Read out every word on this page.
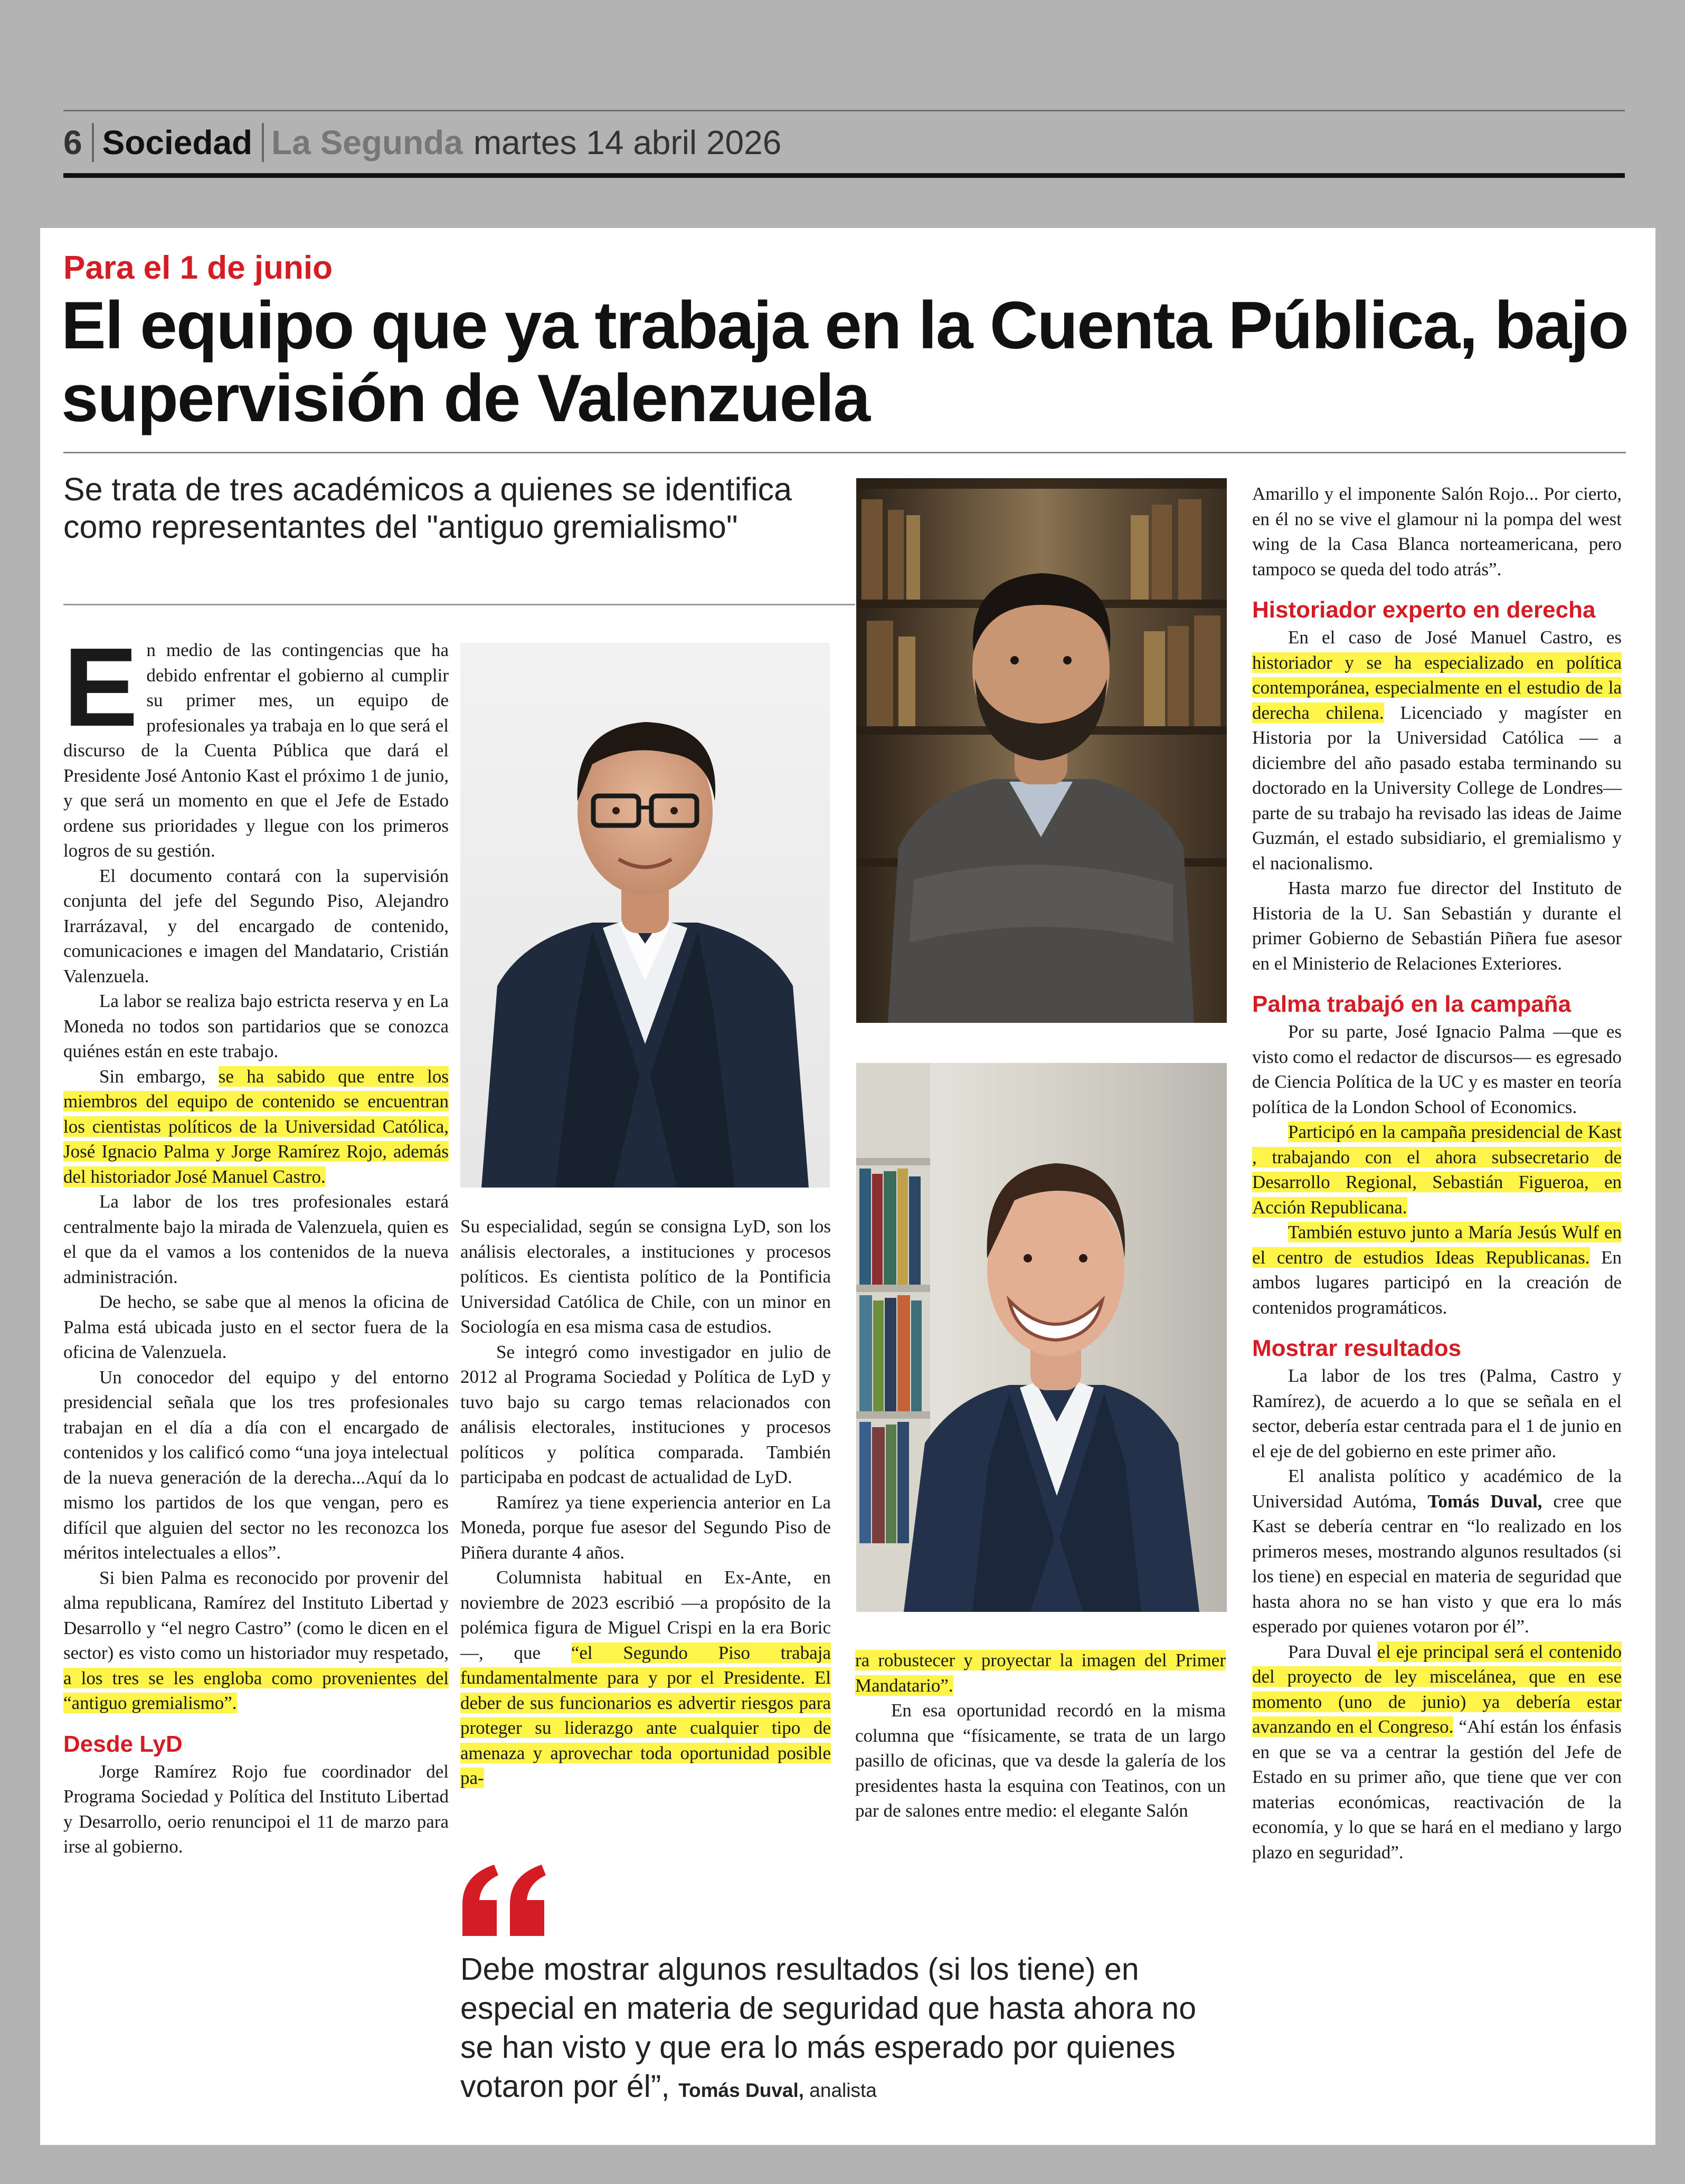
6 Sociedad La Segunda martes 14 abril 2026
Para el 1 de junio
El equipo que ya trabaja en la Cuenta Pública, bajo supervisión de Valenzuela
Se trata de tres académicos a quienes se identifica como representantes del "antiguo gremialismo"

En medio de las contingencias que ha debido enfrentar el gobierno al cumplir su primer mes, un equipo de profesionales ya trabaja en lo que será el discurso de la Cuenta Pública que dará el Presidente José Antonio Kast el próximo 1 de junio, y que será un momento en que el Jefe de Estado ordene sus prioridades y llegue con los primeros logros de su gestión.

El documento contará con la supervisión conjunta del jefe del Segundo Piso, Alejandro Irarrázaval, y del encargado de contenido, comunicaciones e imagen del Mandatario, Cristián Valenzuela.

La labor se realiza bajo estricta reserva y en La Moneda no todos son partidarios que se conozca quiénes están en este trabajo.

Sin embargo, se ha sabido que entre los miembros del equipo de contenido se encuentran los cientistas políticos de la Universidad Católica, José Ignacio Palma y Jorge Ramírez Rojo, además del historiador José Manuel Castro.

La labor de los tres profesionales estará centralmente bajo la mirada de Valenzuela, quien es el que da el vamos a los contenidos de la nueva administración.

De hecho, se sabe que al menos la oficina de Palma está ubicada justo en el sector fuera de la oficina de Valenzuela.

Un conocedor del equipo y del entorno presidencial señala que los tres profesionales trabajan en el día a día con el encargado de contenidos y los calificó como “una joya intelectual de la nueva generación de la derecha...Aquí da lo mismo los partidos de los que vengan, pero es difícil que alguien del sector no les reconozca los méritos intelectuales a ellos”.

Si bien Palma es reconocido por provenir del alma republicana, Ramírez del Instituto Libertad y Desarrollo y “el negro Castro” (como le dicen en el sector) es visto como un historiador muy respetado, a los tres se les engloba como provenientes del “antiguo gremialismo”.

Desde LyD

Jorge Ramírez Rojo fue coordinador del Programa Sociedad y Política del Instituto Libertad y Desarrollo, oerio renuncipoi el 11 de marzo para irse al gobierno.

Su especialidad, según se consigna LyD, son los análisis electorales, a instituciones y procesos políticos. Es cientista político de la Pontificia Universidad Católica de Chile, con un minor en Sociología en esa misma casa de estudios.

Se integró como investigador en julio de 2012 al Programa Sociedad y Política de LyD y tuvo bajo su cargo temas relacionados con análisis electorales, instituciones y procesos políticos y política comparada. También participaba en podcast de actualidad de LyD.

Ramírez ya tiene experiencia anterior en La Moneda, porque fue asesor del Segundo Piso de Piñera durante 4 años.

Columnista habitual en Ex-Ante, en noviembre de 2023 escribió —a propósito de la polémica figura de Miguel Crispi en la era Boric—, que “el Segundo Piso trabaja fundamentalmente para y por el Presidente. El deber de sus funcionarios es advertir riesgos para proteger su liderazgo ante cualquier tipo de amenaza y aprovechar toda oportunidad posible pa-

ra robustecer y proyectar la imagen del Primer Mandatario”.

En esa oportunidad recordó en la misma columna que “físicamente, se trata de un largo pasillo de oficinas, que va desde la galería de los presidentes hasta la esquina con Teatinos, con un par de salones entre medio: el elegante Salón

Debe mostrar algunos resultados (si los tiene) en especial en materia de seguridad que hasta ahora no se han visto y que era lo más esperado por quienes votaron por él”, Tomás Duval, analista

Amarillo y el imponente Salón Rojo... Por cierto, en él no se vive el glamour ni la pompa del west wing de la Casa Blanca norteamericana, pero tampoco se queda del todo atrás”.

Historiador experto en derecha

En el caso de José Manuel Castro, es historiador y se ha especializado en política contemporánea, especialmente en el estudio de la derecha chilena. Licenciado y magíster en Historia por la Universidad Católica — a diciembre del año pasado estaba terminando su doctorado en la University College de Londres— parte de su trabajo ha revisado las ideas de Jaime Guzmán, el estado subsidiario, el gremialismo y el nacionalismo.

Hasta marzo fue director del Instituto de Historia de la U. San Sebastián y durante el primer Gobierno de Sebastián Piñera fue asesor en el Ministerio de Relaciones Exteriores.

Palma trabajó en la campaña

Por su parte, José Ignacio Palma —que es visto como el redactor de discursos— es egresado de Ciencia Política de la UC y es master en teoría política de la London School of Economics.

Participó en la campaña presidencial de Kast , trabajando con el ahora subsecretario de Desarrollo Regional, Sebastián Figueroa, en Acción Republicana.

También estuvo junto a María Jesús Wulf en el centro de estudios Ideas Republicanas. En ambos lugares participó en la creación de contenidos programáticos.

Mostrar resultados

La labor de los tres (Palma, Castro y Ramírez), de acuerdo a lo que se señala en el sector, debería estar centrada para el 1 de junio en el eje de del gobierno en este primer año.

El analista político y académico de la Universidad Autóma, Tomás Duval, cree que Kast se debería centrar en “lo realizado en los primeros meses, mostrando algunos resultados (si los tiene) en especial en materia de seguridad que hasta ahora no se han visto y que era lo más esperado por quienes votaron por él”.

Para Duval el eje principal será el contenido del proyecto de ley miscelánea, que en ese momento (uno de junio) ya debería estar avanzando en el Congreso. “Ahí están los énfasis en que se va a centrar la gestión del Jefe de Estado en su primer año, que tiene que ver con materias económicas, reactivación de la economía, y lo que se hará en el mediano y largo plazo en seguridad”.
